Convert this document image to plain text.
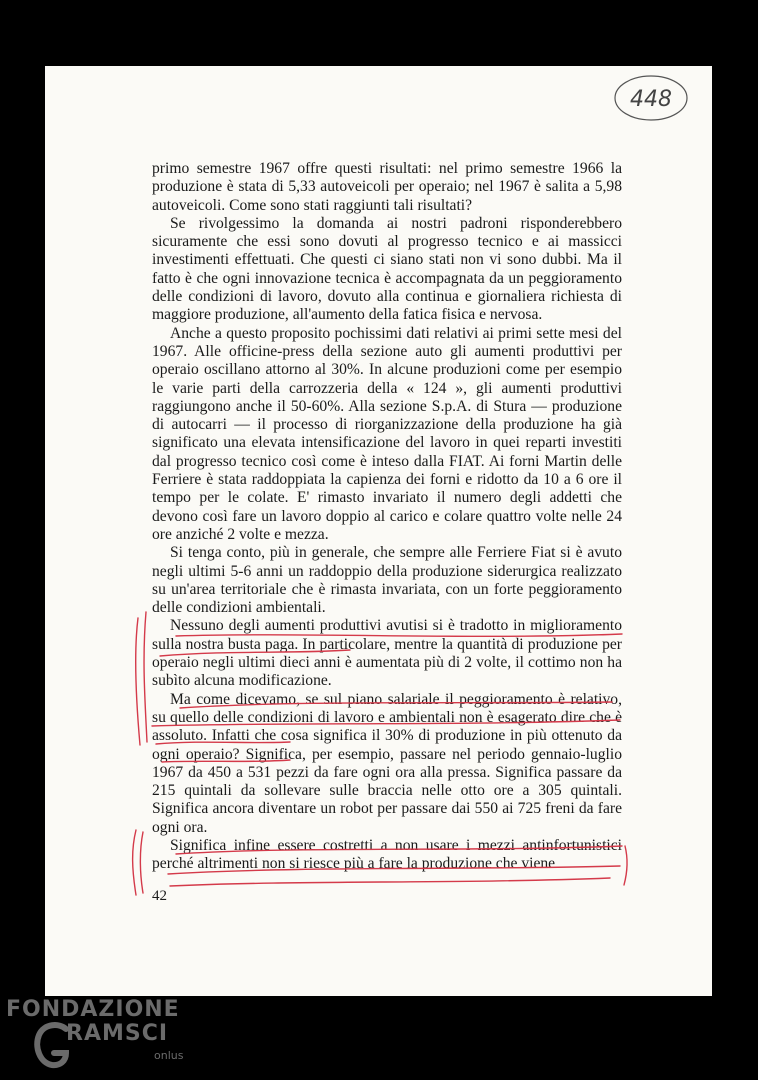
448

primo semestre 1967 offre questi risultati: nel primo semestre 1966 la produzione è stata di 5,33 autoveicoli per operaio; nel 1967 è salita a 5,98 autoveicoli. Come sono stati raggiunti tali risultati?

Se rivolgessimo la domanda ai nostri padroni risponderebbero sicuramente che essi sono dovuti al progresso tecnico e ai massicci investimenti effettuati. Che questi ci siano stati non vi sono dubbi. Ma il fatto è che ogni innovazione tecnica è accompagnata da un peggioramento delle condizioni di lavoro, dovuto alla continua e giornaliera richiesta di maggiore produzione, all'aumento della fatica fisica e nervosa.

Anche a questo proposito pochissimi dati relativi ai primi sette mesi del 1967. Alle officine-press della sezione auto gli aumenti produttivi per operaio oscillano attorno al 30%. In alcune produzioni come per esempio le varie parti della carrozzeria della « 124 », gli aumenti produttivi raggiungono anche il 50-60%. Alla sezione S.p.A. di Stura — produzione di autocarri — il processo di riorganizzazione della produzione ha già significato una elevata intensificazione del lavoro in quei reparti investiti dal progresso tecnico così come è inteso dalla FIAT. Ai forni Martin delle Ferriere è stata raddoppiata la capienza dei forni e ridotto da 10 a 6 ore il tempo per le colate. E' rimasto invariato il numero degli addetti che devono così fare un lavoro doppio al carico e colare quattro volte nelle 24 ore anziché 2 volte e mezza.

Si tenga conto, più in generale, che sempre alle Ferriere Fiat si è avuto negli ultimi 5-6 anni un raddoppio della produzione siderurgica realizzato su un'area territoriale che è rimasta invariata, con un forte peggioramento delle condizioni ambientali.

Nessuno degli aumenti produttivi avutisi si è tradotto in miglioramento sulla nostra busta paga. In particolare, mentre la quantità di produzione per operaio negli ultimi dieci anni è aumentata più di 2 volte, il cottimo non ha subìto alcuna modificazione.

Ma come dicevamo, se sul piano salariale il peggioramento è relativo, su quello delle condizioni di lavoro e ambientali non è esagerato dire che è assoluto. Infatti che cosa significa il 30% di produzione in più ottenuto da ogni operaio? Significa, per esempio, passare nel periodo gennaio-luglio 1967 da 450 a 531 pezzi da fare ogni ora alla pressa. Significa passare da 215 quintali da sollevare sulle braccia nelle otto ore a 305 quintali. Significa ancora diventare un robot per passare dai 550 ai 725 freni da fare ogni ora.

Significa infine essere costretti a non usare i mezzi antinfortunistici perché altrimenti non si riesce più a fare la produzione che viene

42
FONDAZIONE
RAMSCI
onlus
